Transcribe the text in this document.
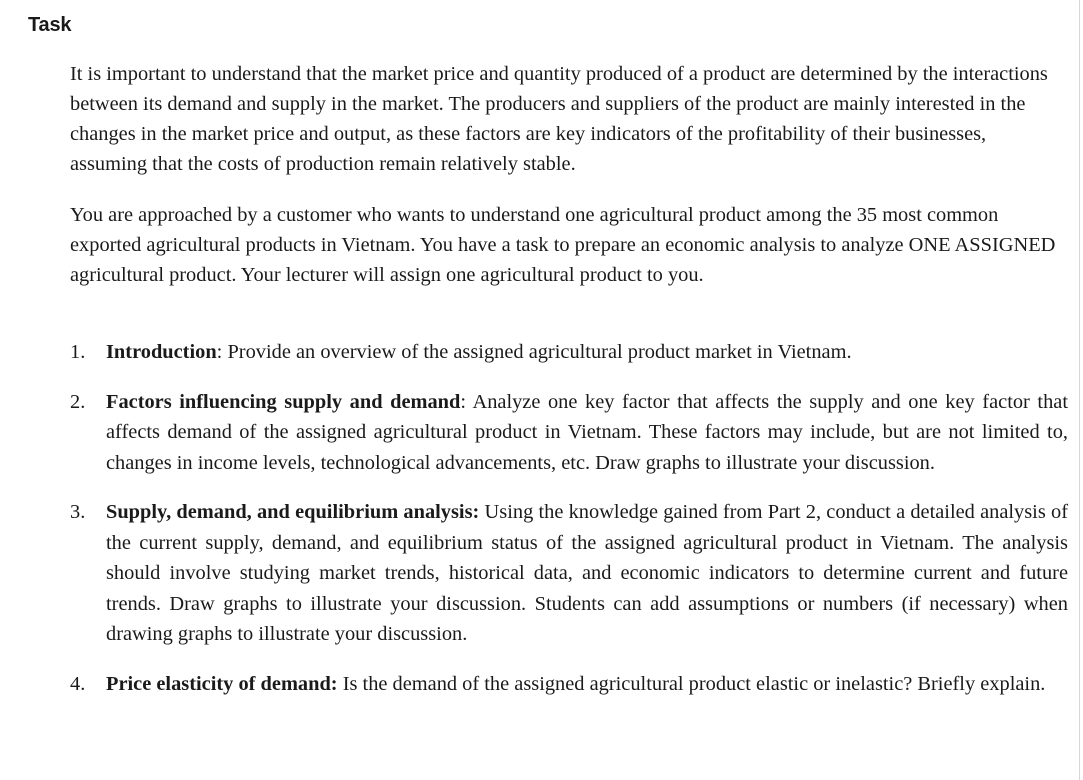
Task

It is important to understand that the market price and quantity produced of a product are determined by the interactions between its demand and supply in the market. The producers and suppliers of the product are mainly interested in the changes in the market price and output, as these factors are key indicators of the profitability of their businesses, assuming that the costs of production remain relatively stable.

You are approached by a customer who wants to understand one agricultural product among the 35 most common exported agricultural products in Vietnam. You have a task to prepare an economic analysis to analyze ONE ASSIGNED agricultural product. Your lecturer will assign one agricultural product to you.

1. Introduction: Provide an overview of the assigned agricultural product market in Vietnam.
2. Factors influencing supply and demand: Analyze one key factor that affects the supply and one key factor that affects demand of the assigned agricultural product in Vietnam. These factors may include, but are not limited to, changes in income levels, technological advancements, etc. Draw graphs to illustrate your discussion.
3. Supply, demand, and equilibrium analysis: Using the knowledge gained from Part 2, conduct a detailed analysis of the current supply, demand, and equilibrium status of the assigned agricultural product in Vietnam. The analysis should involve studying market trends, historical data, and economic indicators to determine current and future trends. Draw graphs to illustrate your discussion. Students can add assumptions or numbers (if necessary) when drawing graphs to illustrate your discussion.
4. Price elasticity of demand: Is the demand of the assigned agricultural product elastic or inelastic? Briefly explain.
